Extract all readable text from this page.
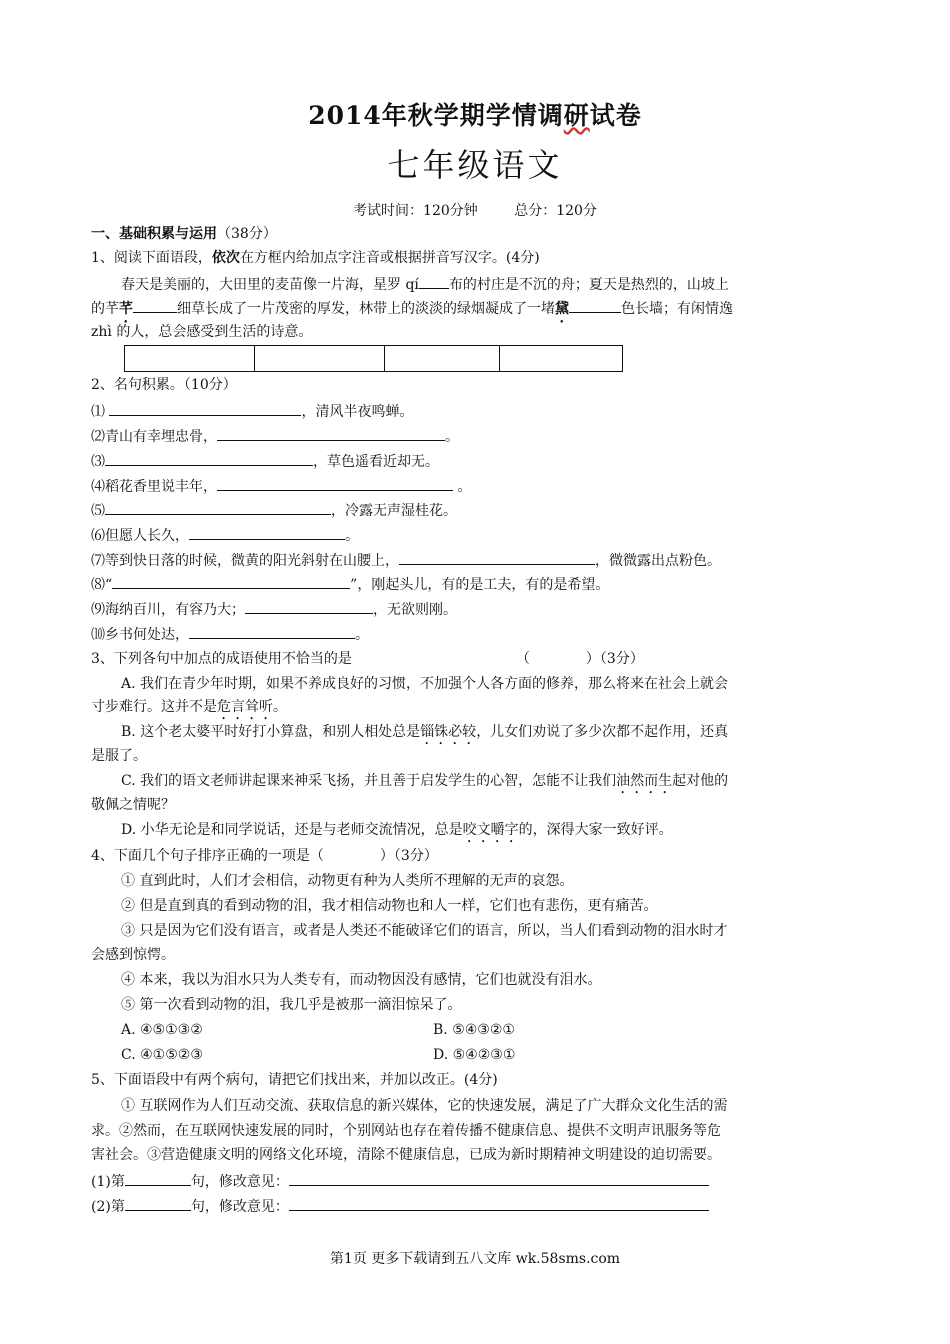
2014年秋学期学情调研试卷
七年级语文
考试时间：120分钟	总分：120分
一、基础积累与运用（38分）
1、阅读下面语段，依次在方框内给加点字注音或根据拼音写汉字。(4分)
春天是美丽的，大田里的麦苗像一片海，星罗 qí 布的村庄是不沉的舟；夏天是热烈的，山坡上
的芊芊	细草长成了一片茂密的厚发，林带上的淡淡的绿烟凝成了一堵黛	色长墙；有闲情逸
zhì 的人，总会感受到生活的诗意。
2、名句积累。（10分）
⑴	，清风半夜鸣蝉。
⑵青山有幸埋忠骨，	。
⑶	，草色遥看近却无。
⑷稻花香里说丰年，	。
⑸	，冷露无声湿桂花。
⑹但愿人长久，	。
⑺等到快日落的时候，微黄的阳光斜射在山腰上，	，微微露出点粉色。
⑻“	”，刚起头儿，有的是工夫，有的是希望。
⑼海纳百川，有容乃大；	，无欲则刚。
⑽乡书何处达，	。
3、下列各句中加点的成语使用不恰当的是	（　　　　）（3分）
A. 我们在青少年时期，如果不养成良好的习惯，不加强个人各方面的修养，那么将来在社会上就会
寸步难行。这并不是危言耸听。
B. 这个老太婆平时好打小算盘，和别人相处总是锱铢必较，儿女们劝说了多少次都不起作用，还真
是服了。
C. 我们的语文老师讲起课来神采飞扬，并且善于启发学生的心智，怎能不让我们油然而生起对他的
敬佩之情呢？
D. 小华无论是和同学说话，还是与老师交流情况，总是咬文嚼字的，深得大家一致好评。
4、下面几个句子排序正确的一项是（　　　　）（3分）
① 直到此时，人们才会相信，动物更有种为人类所不理解的无声的哀怨。
② 但是直到真的看到动物的泪，我才相信动物也和人一样，它们也有悲伤，更有痛苦。
③ 只是因为它们没有语言，或者是人类还不能破译它们的语言，所以，当人们看到动物的泪水时才
会感到惊愕。
④ 本来，我以为泪水只为人类专有，而动物因没有感情，它们也就没有泪水。
⑤ 第一次看到动物的泪，我几乎是被那一滴泪惊呆了。
A. ④⑤①③②	B. ⑤④③②①
C. ④①⑤②③	D. ⑤④②③①
5、下面语段中有两个病句，请把它们找出来，并加以改正。(4分)
① 互联网作为人们互动交流、获取信息的新兴媒体，它的快速发展，满足了广大群众文化生活的需
求。②然而，在互联网快速发展的同时，个别网站也存在着传播不健康信息、提供不文明声讯服务等危
害社会。③营造健康文明的网络文化环境，清除不健康信息，已成为新时期精神文明建设的迫切需要。
(1)第	句，修改意见：
(2)第	句，修改意见：
第1页 更多下载请到五八文库 wk.58sms.com
